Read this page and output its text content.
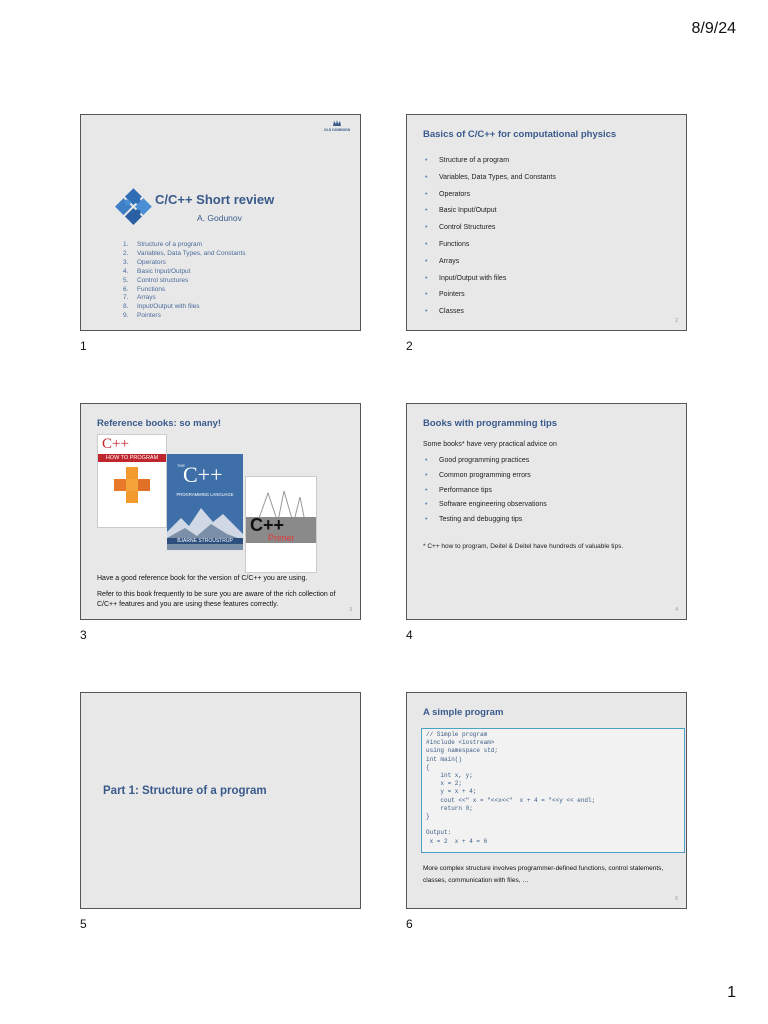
8/9/24
OLD DOMINION
C/C++ Short review
A. Godunov
1. Structure of a program
2. Variables, Data Types, and Constants
3. Operators
4. Basic Input/Output
5. Control structures
6. Functions
7. Arrays
8. Input/Output with files
9. Pointers
1
Basics of C/C++ for computational physics
• Structure of a program
• Variables, Data Types, and Constants
• Operators
• Basic Input/Output
• Control Structures
• Functions
• Arrays
• Input/Output with files
• Pointers
• Classes
2
2
Reference books: so many!
C++
HOW TO PROGRAM
THE
C++
PROGRAMMING LANGUAGE
BJARNE STROUSTRUP
C++
Primer
Have a good reference book for the version of C/C++ you are using.
Refer to this book frequently to be sure you are aware of the rich collection of C/C++ features and you are using these features correctly.
3
3
Books with programming tips
Some books* have very practical advice on
• Good programming practices
• Common programming errors
• Performance tips
• Software engineering observations
• Testing and debugging tips
* C++ how to program, Deitel & Deitel have hundreds of valuable tips.
4
4
Part 1: Structure of a program
5
A simple program
// Simple program
#include <iostream>
using namespace std;
int main()
{
int x, y;
x = 2;
y = x + 4;
cout <<" x = "<<x<<"  x + 4 = "<<y << endl;
return 0;
}

Output:
x = 2  x + 4 = 6
More complex structure involves programmer-defined functions, control statements, classes, communication with files, …
6
6
1
